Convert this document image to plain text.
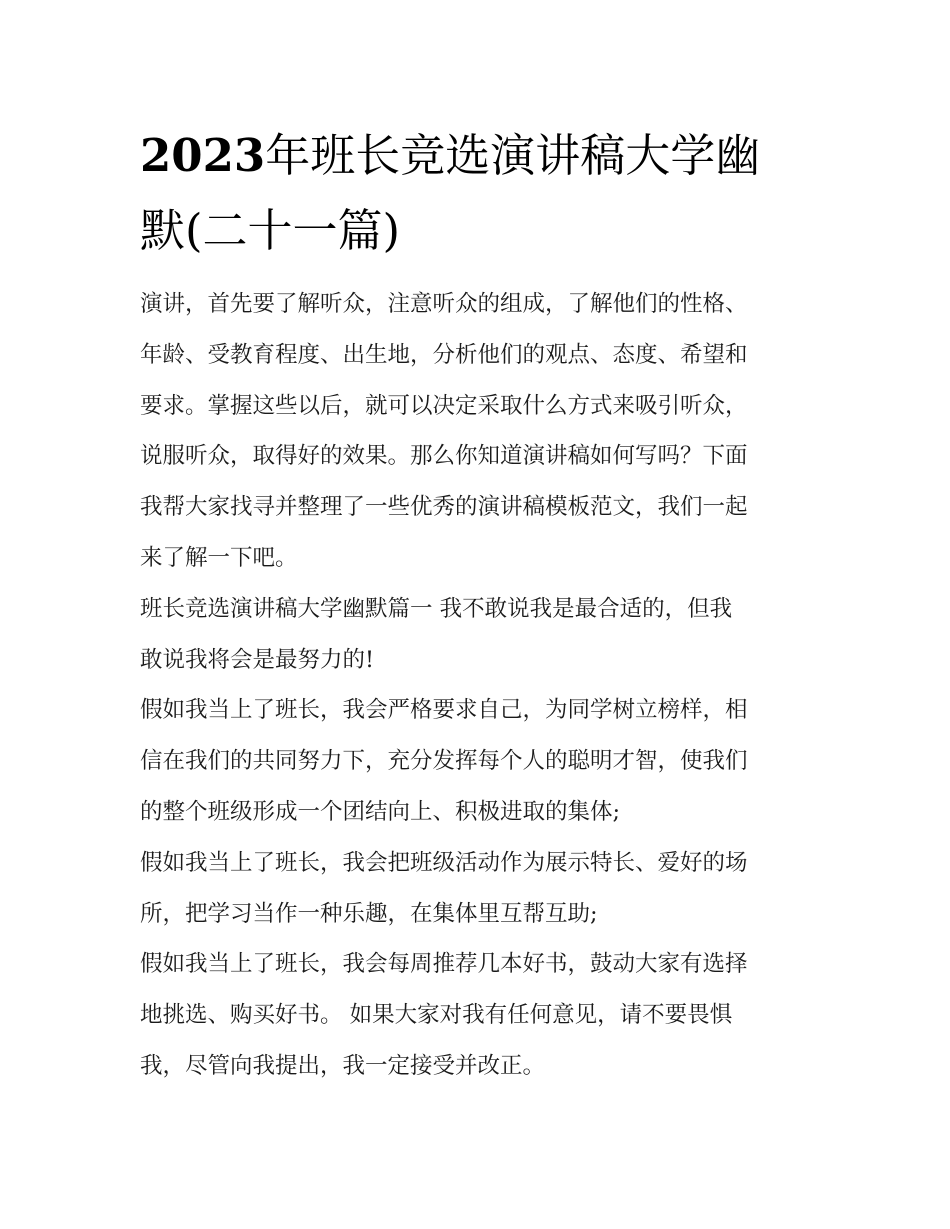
2023年班长竞选演讲稿大学幽
默(二十一篇)
演讲，首先要了解听众，注意听众的组成，了解他们的性格、
年龄、受教育程度、出生地，分析他们的观点、态度、希望和
要求。掌握这些以后，就可以决定采取什么方式来吸引听众，
说服听众，取得好的效果。那么你知道演讲稿如何写吗？下面
我帮大家找寻并整理了一些优秀的演讲稿模板范文，我们一起
来了解一下吧。
班长竞选演讲稿大学幽默篇一 我不敢说我是最合适的，但我
敢说我将会是最努力的!
假如我当上了班长，我会严格要求自己，为同学树立榜样，相
信在我们的共同努力下，充分发挥每个人的聪明才智，使我们
的整个班级形成一个团结向上、积极进取的集体;
假如我当上了班长，我会把班级活动作为展示特长、爱好的场
所，把学习当作一种乐趣，在集体里互帮互助;
假如我当上了班长，我会每周推荐几本好书，鼓动大家有选择
地挑选、购买好书。 如果大家对我有任何意见，请不要畏惧
我，尽管向我提出，我一定接受并改正。
